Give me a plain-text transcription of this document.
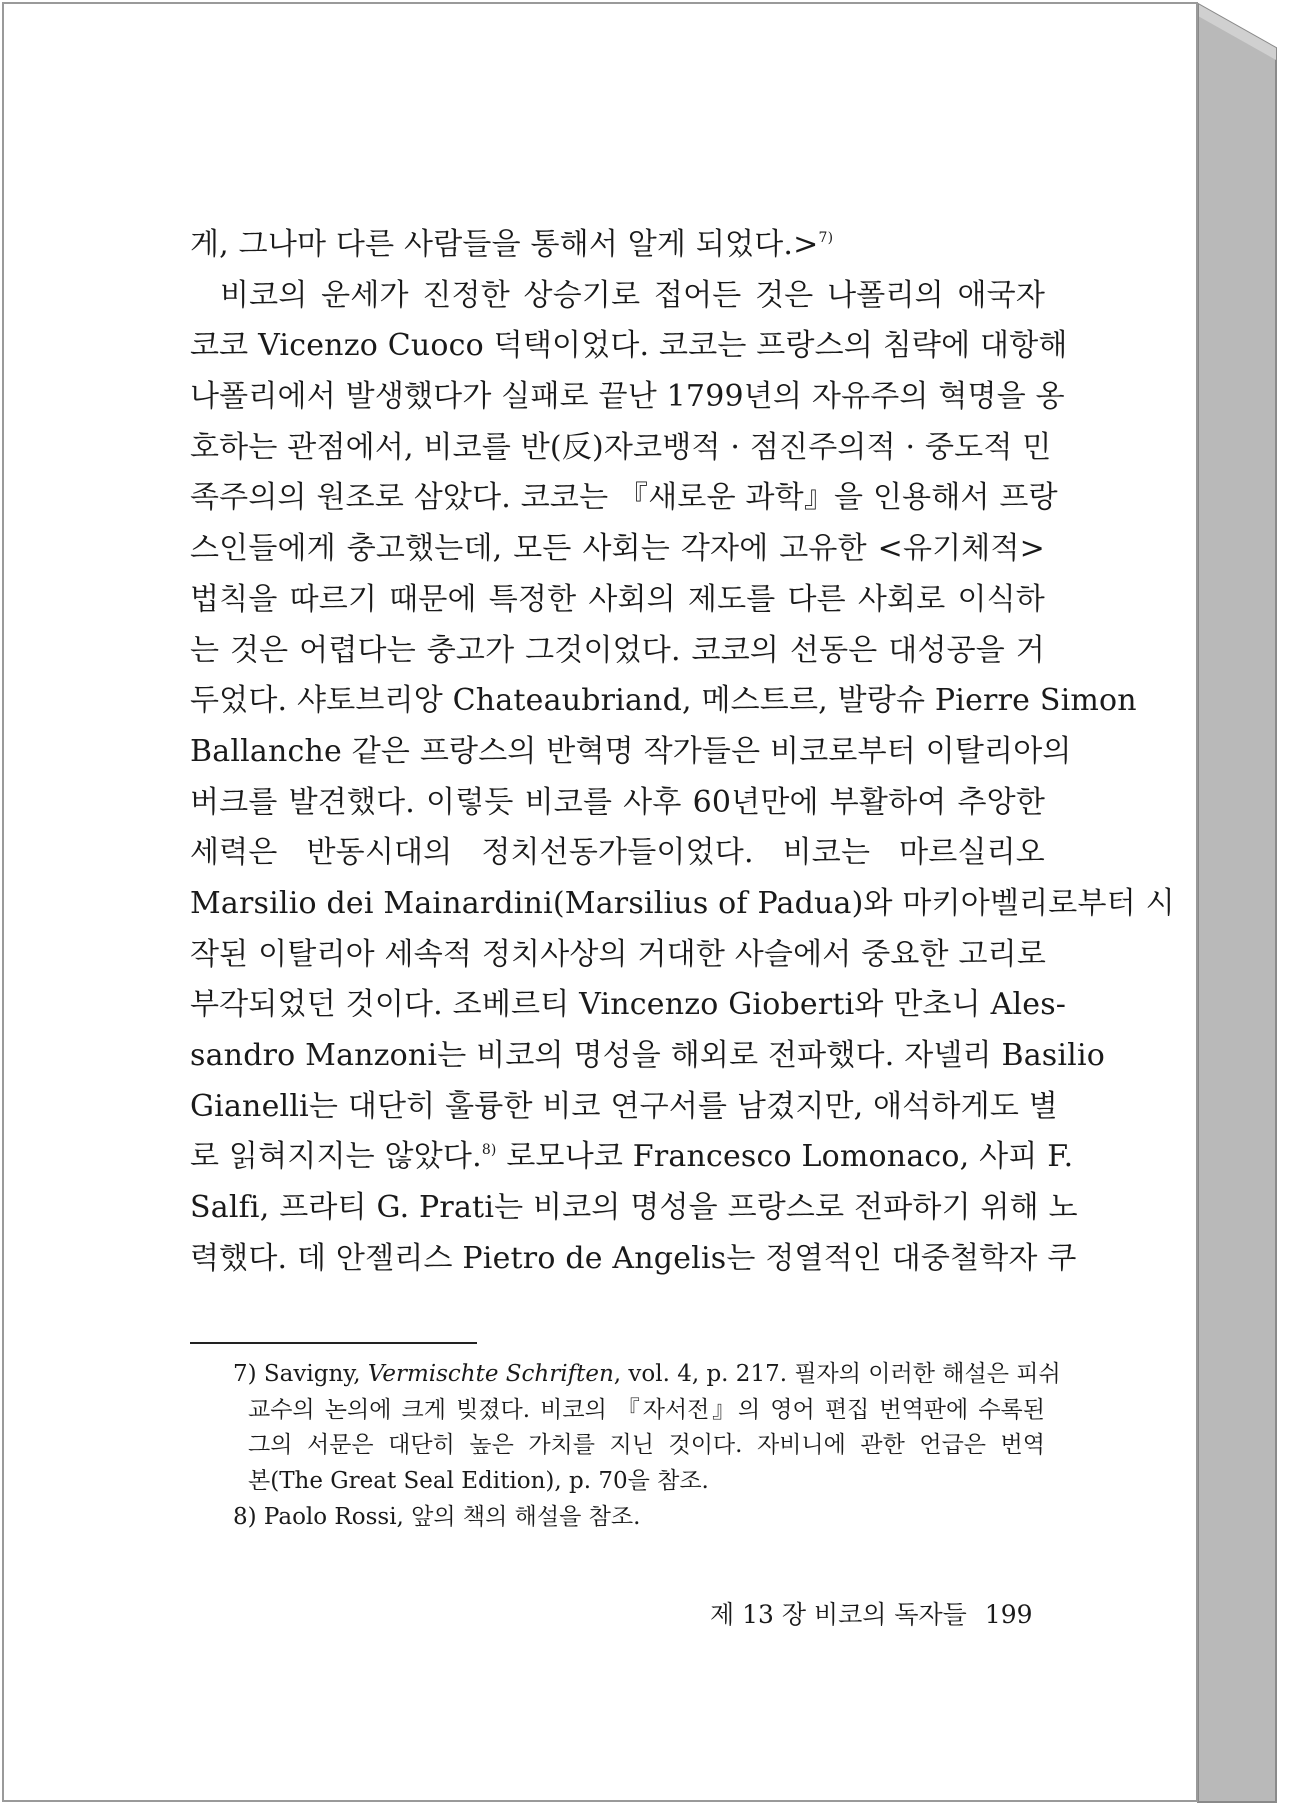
게, 그나마 다른 사람들을 통해서 알게 되었다.>$^{7)}$
비코의 운세가 진정한 상승기로 접어든 것은 나폴리의 애국자
코코 Vicenzo Cuoco 덕택이었다. 코코는 프랑스의 침략에 대항해
나폴리에서 발생했다가 실패로 끝난 1799년의 자유주의 혁명을 옹
호하는 관점에서, 비코를 반(反)자코뱅적 · 점진주의적 · 중도적 민
족주의의 원조로 삼았다. 코코는 『새로운 과학』을 인용해서 프랑
스인들에게 충고했는데, 모든 사회는 각자에 고유한 <유기체적>
법칙을 따르기 때문에 특정한 사회의 제도를 다른 사회로 이식하
는 것은 어렵다는 충고가 그것이었다. 코코의 선동은 대성공을 거
두었다. 샤토브리앙 Chateaubriand, 메스트르, 발랑슈 Pierre Simon
Ballanche 같은 프랑스의 반혁명 작가들은 비코로부터 이탈리아의
버크를 발견했다. 이렇듯 비코를 사후 60년만에 부활하여 추앙한
세력은 반동시대의 정치선동가들이었다. 비코는 마르실리오
Marsilio dei Mainardini(Marsilius of Padua)와 마키아벨리로부터 시
작된 이탈리아 세속적 정치사상의 거대한 사슬에서 중요한 고리로
부각되었던 것이다. 조베르티 Vincenzo Gioberti와 만초니 Ales-
sandro Manzoni는 비코의 명성을 해외로 전파했다. 자넬리 Basilio
Gianelli는 대단히 훌륭한 비코 연구서를 남겼지만, 애석하게도 별
로 읽혀지지는 않았다.$^{8)}$ 로모나코 Francesco Lomonaco, 사피 F.
Salfi, 프라티 G. Prati는 비코의 명성을 프랑스로 전파하기 위해 노
력했다. 데 안젤리스 Pietro de Angelis는 정열적인 대중철학자 쿠
7) Savigny, Vermischte Schriften, vol. 4, p. 217. 필자의 이러한 해설은 피쉬
교수의 논의에 크게 빚졌다. 비코의 『자서전』의 영어 편집 번역판에 수록된
그의 서문은 대단히 높은 가치를 지닌 것이다. 자비니에 관한 언급은 번역
본(The Great Seal Edition), p. 70을 참조.
8) Paolo Rossi, 앞의 책의 해설을 참조.
제 13 장 비코의 독자들 199
